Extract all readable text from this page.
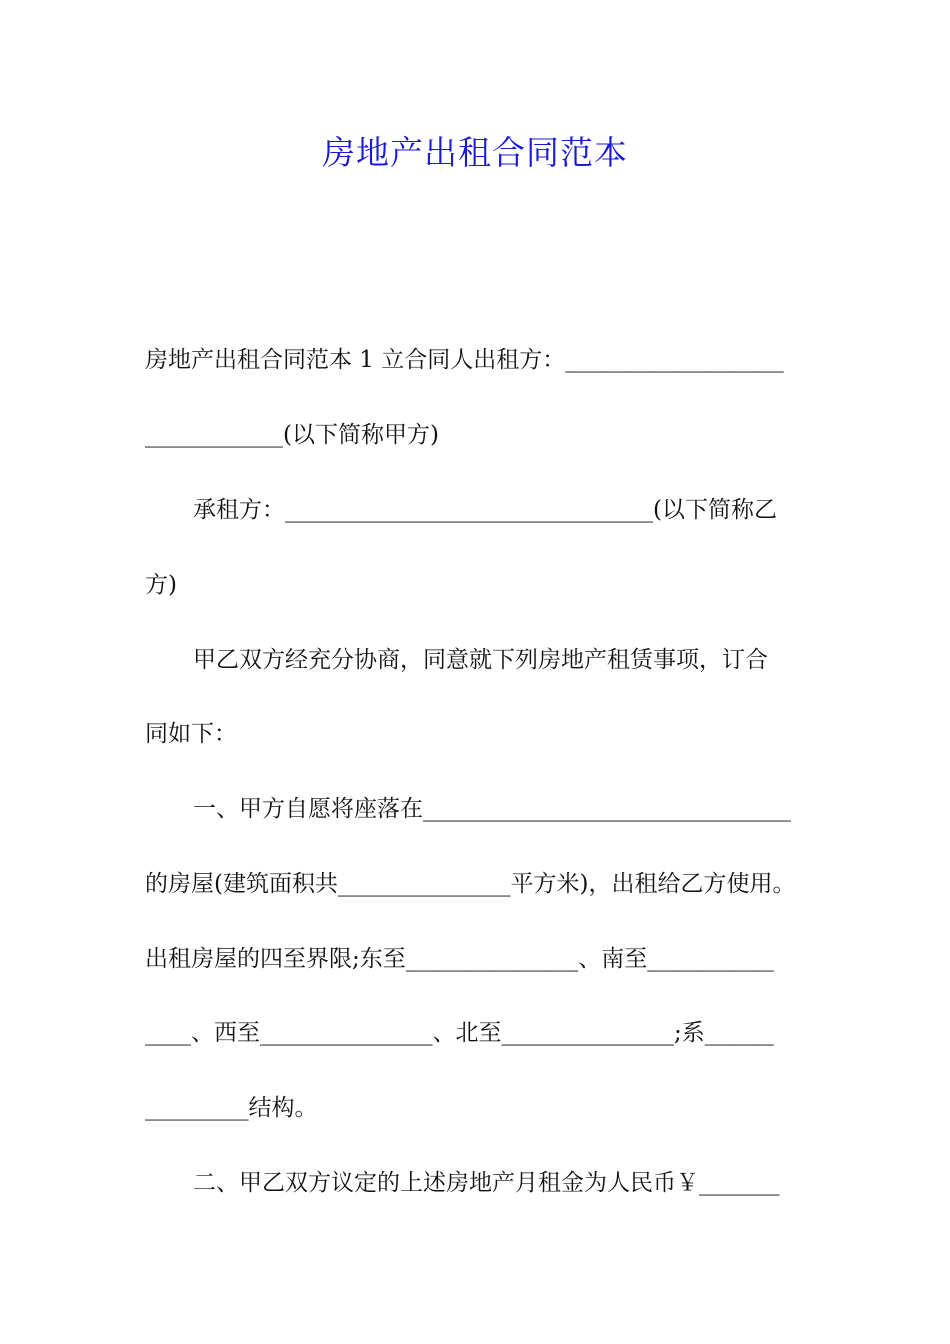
房地产出租合同范本
房地产出租合同范本 1 立合同人出租方：___________________
____________(以下简称甲方)
承租方：________________________________(以下简称乙
方)
甲乙双方经充分协商，同意就下列房地产租赁事项，订合
同如下：
一、甲方自愿将座落在________________________________
的房屋(建筑面积共_______________平方米)，出租给乙方使用。
出租房屋的四至界限;东至_______________、南至___________
____、西至_______________、北至_______________;系______
_________结构。
二、甲乙双方议定的上述房地产月租金为人民币￥_______
